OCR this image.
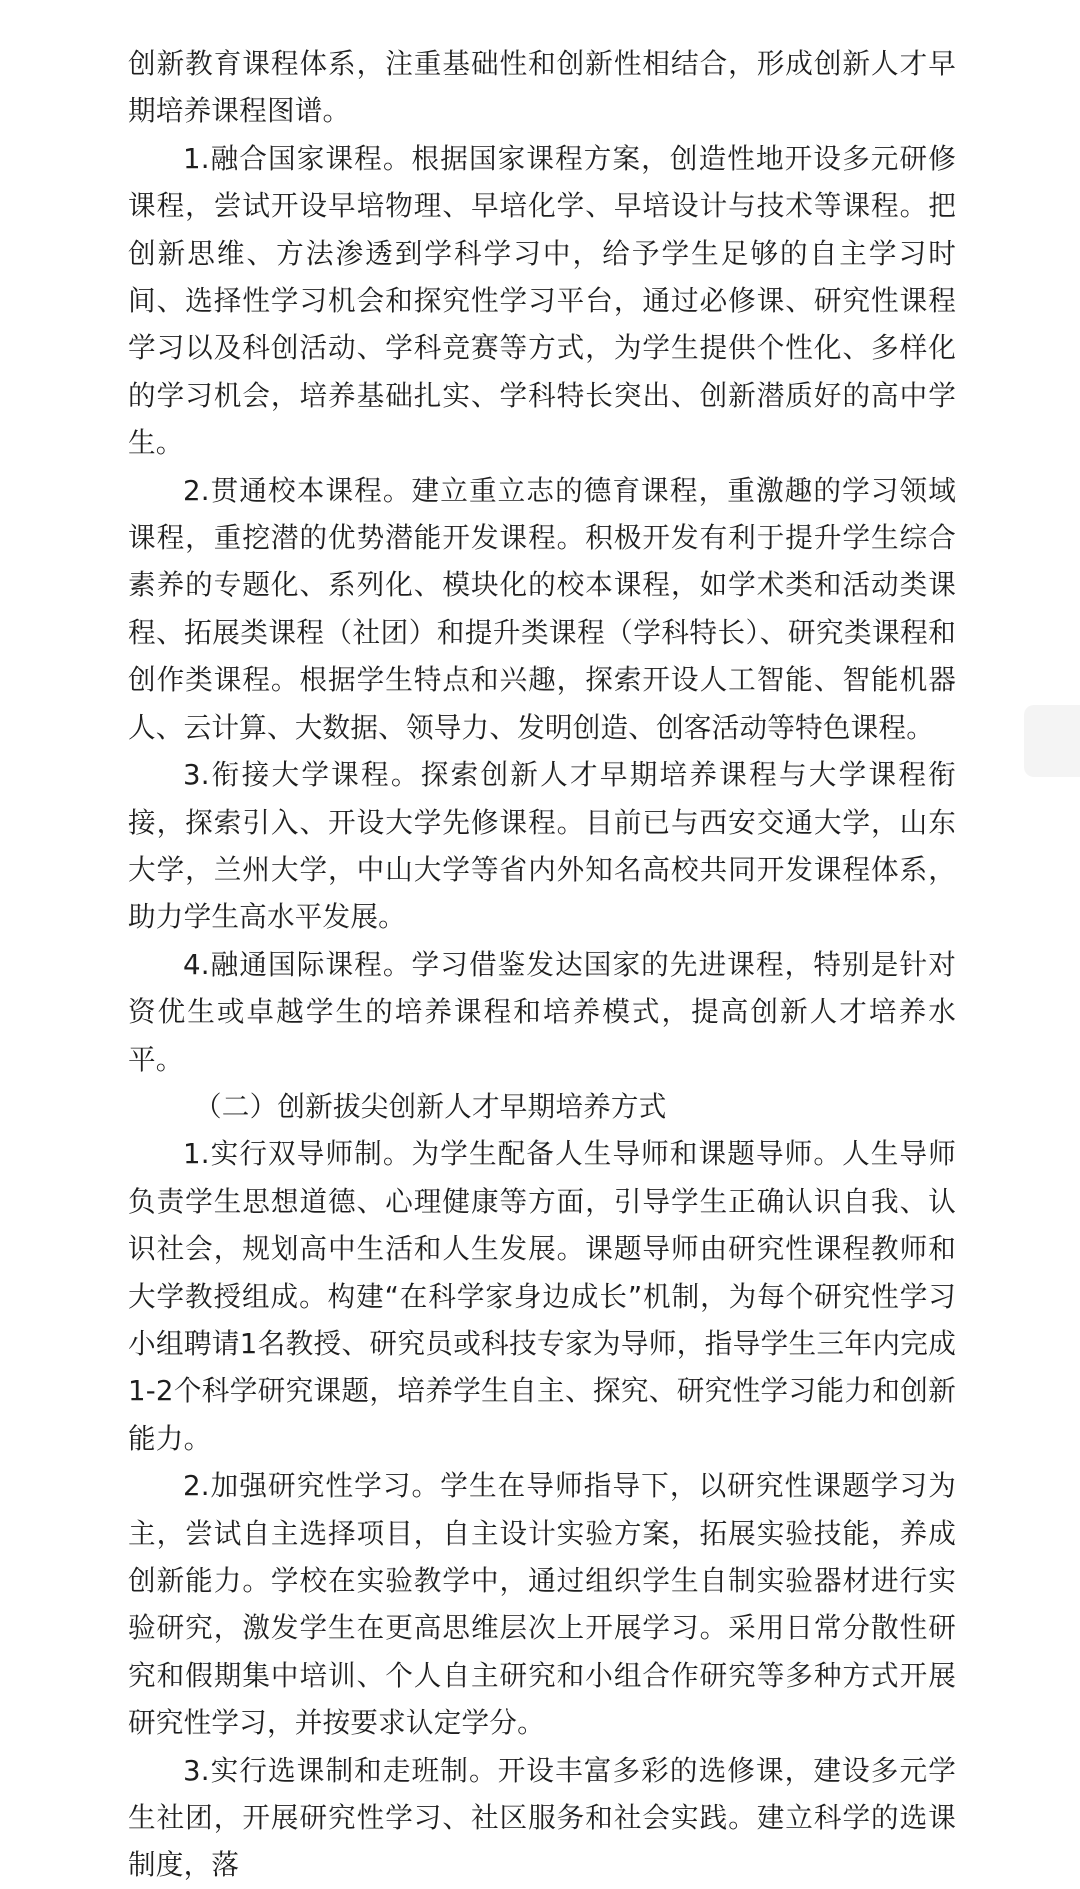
创新教育课程体系，注重基础性和创新性相结合，形成创新人才早期培养课程图谱。

1.融合国家课程。根据国家课程方案，创造性地开设多元研修课程，尝试开设早培物理、早培化学、早培设计与技术等课程。把创新思维、方法渗透到学科学习中，给予学生足够的自主学习时间、选择性学习机会和探究性学习平台，通过必修课、研究性课程学习以及科创活动、学科竞赛等方式，为学生提供个性化、多样化的学习机会，培养基础扎实、学科特长突出、创新潜质好的高中学生。

2.贯通校本课程。建立重立志的德育课程，重激趣的学习领域课程，重挖潜的优势潜能开发课程。积极开发有利于提升学生综合素养的专题化、系列化、模块化的校本课程，如学术类和活动类课程、拓展类课程（社团）和提升类课程（学科特长）、研究类课程和创作类课程。根据学生特点和兴趣，探索开设人工智能、智能机器人、云计算、大数据、领导力、发明创造、创客活动等特色课程。

3.衔接大学课程。探索创新人才早期培养课程与大学课程衔接，探索引入、开设大学先修课程。目前已与西安交通大学，山东大学，兰州大学，中山大学等省内外知名高校共同开发课程体系，助力学生高水平发展。

4.融通国际课程。学习借鉴发达国家的先进课程，特别是针对资优生或卓越学生的培养课程和培养模式，提高创新人才培养水平。

（二）创新拔尖创新人才早期培养方式

1.实行双导师制。为学生配备人生导师和课题导师。人生导师负责学生思想道德、心理健康等方面，引导学生正确认识自我、认识社会，规划高中生活和人生发展。课题导师由研究性课程教师和大学教授组成。构建“在科学家身边成长”机制，为每个研究性学习小组聘请1名教授、研究员或科技专家为导师，指导学生三年内完成1-2个科学研究课题，培养学生自主、探究、研究性学习能力和创新能力。

2.加强研究性学习。学生在导师指导下，以研究性课题学习为主，尝试自主选择项目，自主设计实验方案，拓展实验技能，养成创新能力。学校在实验教学中，通过组织学生自制实验器材进行实验研究，激发学生在更高思维层次上开展学习。采用日常分散性研究和假期集中培训、个人自主研究和小组合作研究等多种方式开展研究性学习，并按要求认定学分。

3.实行选课制和走班制。开设丰富多彩的选修课，建设多元学生社团，开展研究性学习、社区服务和社会实践。建立科学的选课制度，落
